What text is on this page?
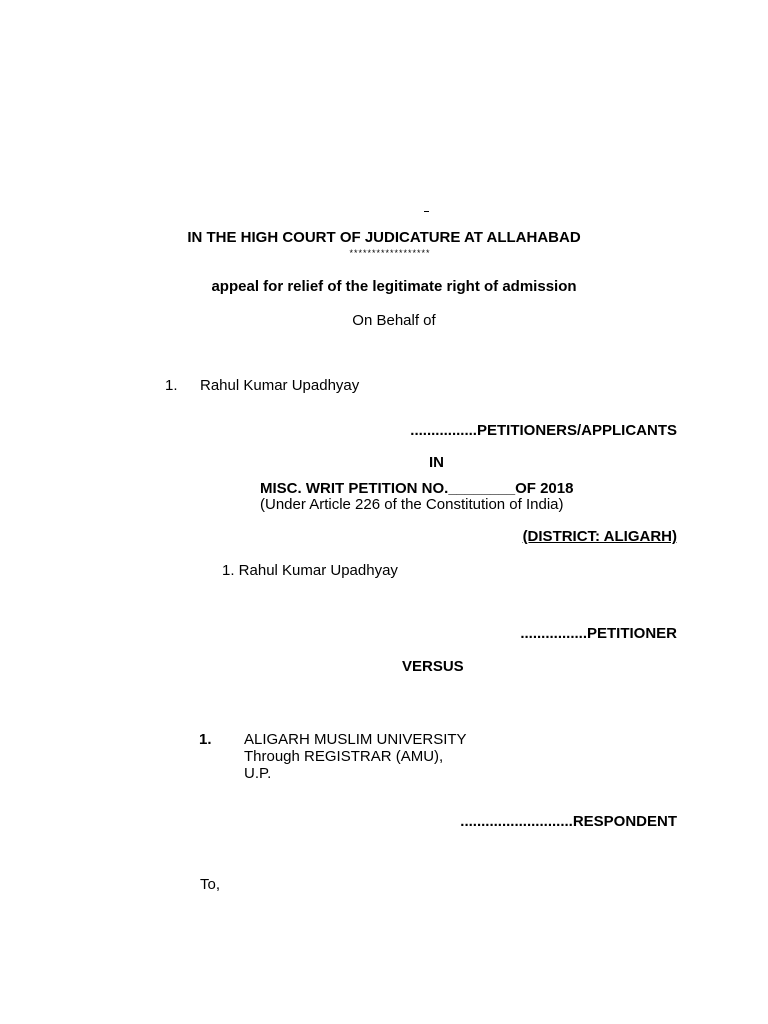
IN THE HIGH COURT OF JUDICATURE AT ALLAHABAD
******************
appeal for relief of the legitimate right of admission
On Behalf of
1. Rahul Kumar Upadhyay
................PETITIONERS/APPLICANTS
IN
MISC. WRIT PETITION NO.________OF 2018
(Under Article 226 of the Constitution of India)
(DISTRICT: ALIGARH)
1. Rahul Kumar Upadhyay
................PETITIONER
VERSUS
1. ALIGARH MUSLIM UNIVERSITY
Through REGISTRAR (AMU),
U.P.
...........................RESPONDENT
To,
